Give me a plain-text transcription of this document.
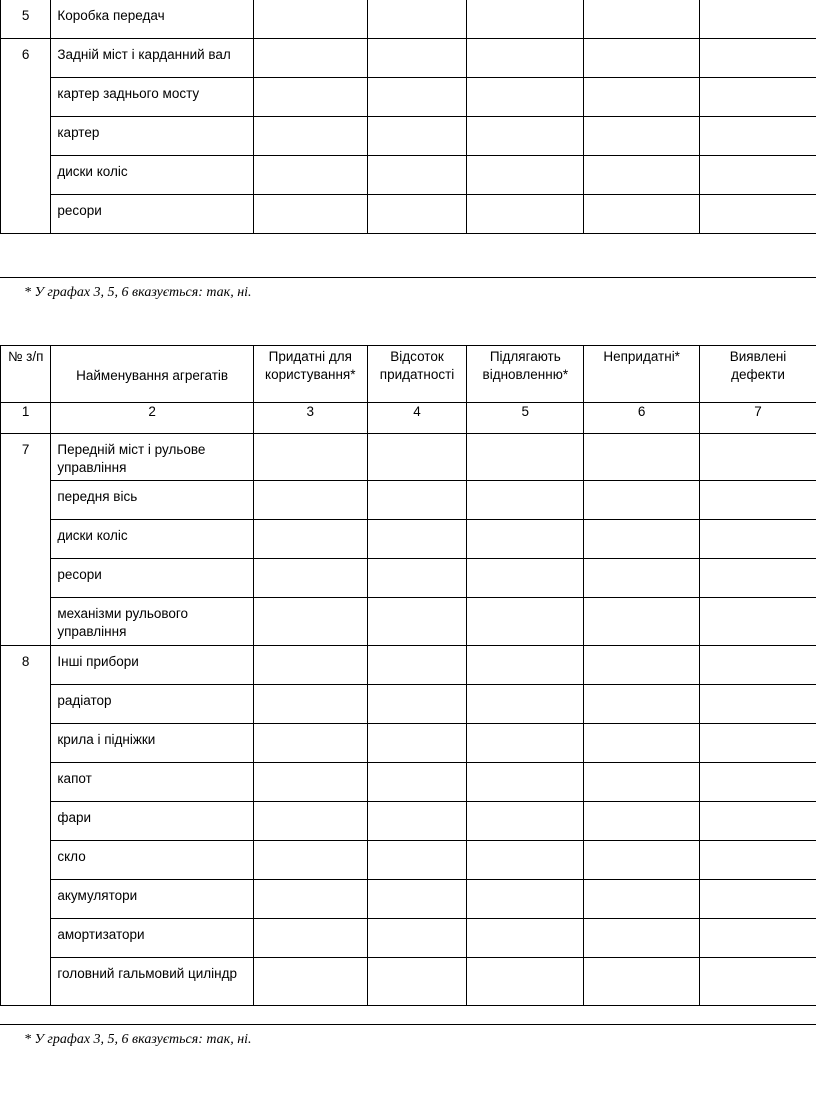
5	Коробка передач					
6	Задній міст і карданний вал					
	картер заднього мосту					
	картер					
	диски коліс					
	ресори					
* У графах 3, 5, 6 вказується: так, ні.
№ з/п	Найменування агрегатів	Придатні для користування*	Відсоток придатності	Підлягають відновленню*	Непридатні*	Виявлені дефекти
1	2	3	4	5	6	7
7	Передній міст і рульове управління					
	передня вісь					
	диски коліс					
	ресори					
	механізми рульового управління					
8	Інші прибори					
	радіатор					
	крила і підніжки					
	капот					
	фари					
	скло					
	акумулятори					
	амортизатори					
	головний гальмовий циліндр					
* У графах 3, 5, 6 вказується: так, ні.
